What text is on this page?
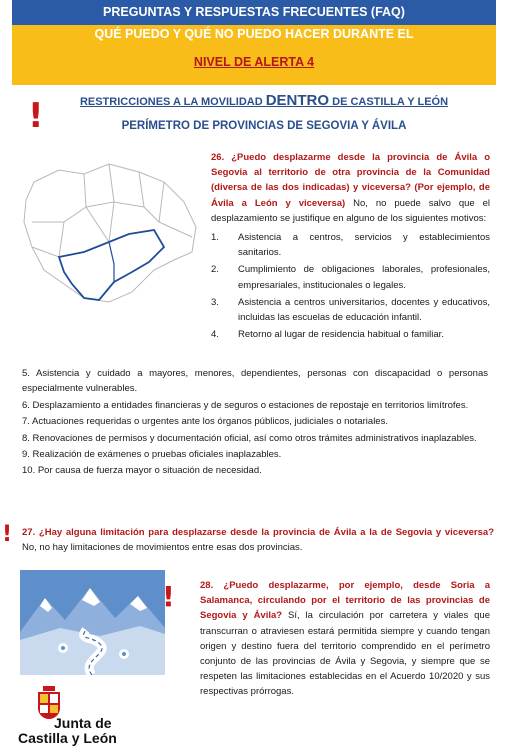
PREGUNTAS Y RESPUESTAS FRECUENTES (FAQ)
QUÉ PUEDO Y QUÉ NO PUEDO HACER DURANTE EL
NIVEL DE ALERTA 4
!	RESTRICCIONES A LA MOVILIDAD DENTRO DE CASTILLA Y LEÓN
PERÍMETRO DE PROVINCIAS DE SEGOVIA Y ÁVILA
26. ¿Puedo desplazarme desde la provincia de Ávila o Segovia al territorio de otra provincia de la Comunidad (diversa de las dos indicadas) y viceversa? (Por ejemplo, de Ávila a León y viceversa) No, no puede salvo que el desplazamiento se justifique en alguno de los siguientes motivos:
1. Asistencia a centros, servicios y establecimientos sanitarios.
2. Cumplimiento de obligaciones laborales, profesionales, empresariales, institucionales o legales.
3. Asistencia a centros universitarios, docentes y educativos, incluidas las escuelas de educación infantil.
4. Retorno al lugar de residencia habitual o familiar.
5. Asistencia y cuidado a mayores, menores, dependientes, personas con discapacidad o personas especialmente vulnerables.
6. Desplazamiento a entidades financieras y de seguros o estaciones de repostaje en territorios limítrofes.
7. Actuaciones requeridas o urgentes ante los órganos públicos, judiciales o notariales.
8. Renovaciones de permisos y documentación oficial, así como otros trámites administrativos inaplazables.
9. Realización de exámenes o pruebas oficiales inaplazables.
10. Por causa de fuerza mayor o situación de necesidad.
! 27. ¿Hay alguna limitación para desplazarse desde la provincia de Ávila a la de Segovia y viceversa? No, no hay limitaciones de movimientos entre esas dos provincias.
!	28. ¿Puedo desplazarme, por ejemplo, desde Soria a Salamanca, circulando por el territorio de las provincias de Segovia y Ávila? Sí, la circulación por carretera y viales que transcurran o atraviesen estará permitida siempre y cuando tengan origen y destino fuera del territorio comprendido en el perímetro conjunto de las provincias de Ávila y Segovia, y siempre que se respeten las limitaciones establecidas en el Acuerdo 10/2020 y sus respectivas prórrogas.
Junta de
Castilla y León
